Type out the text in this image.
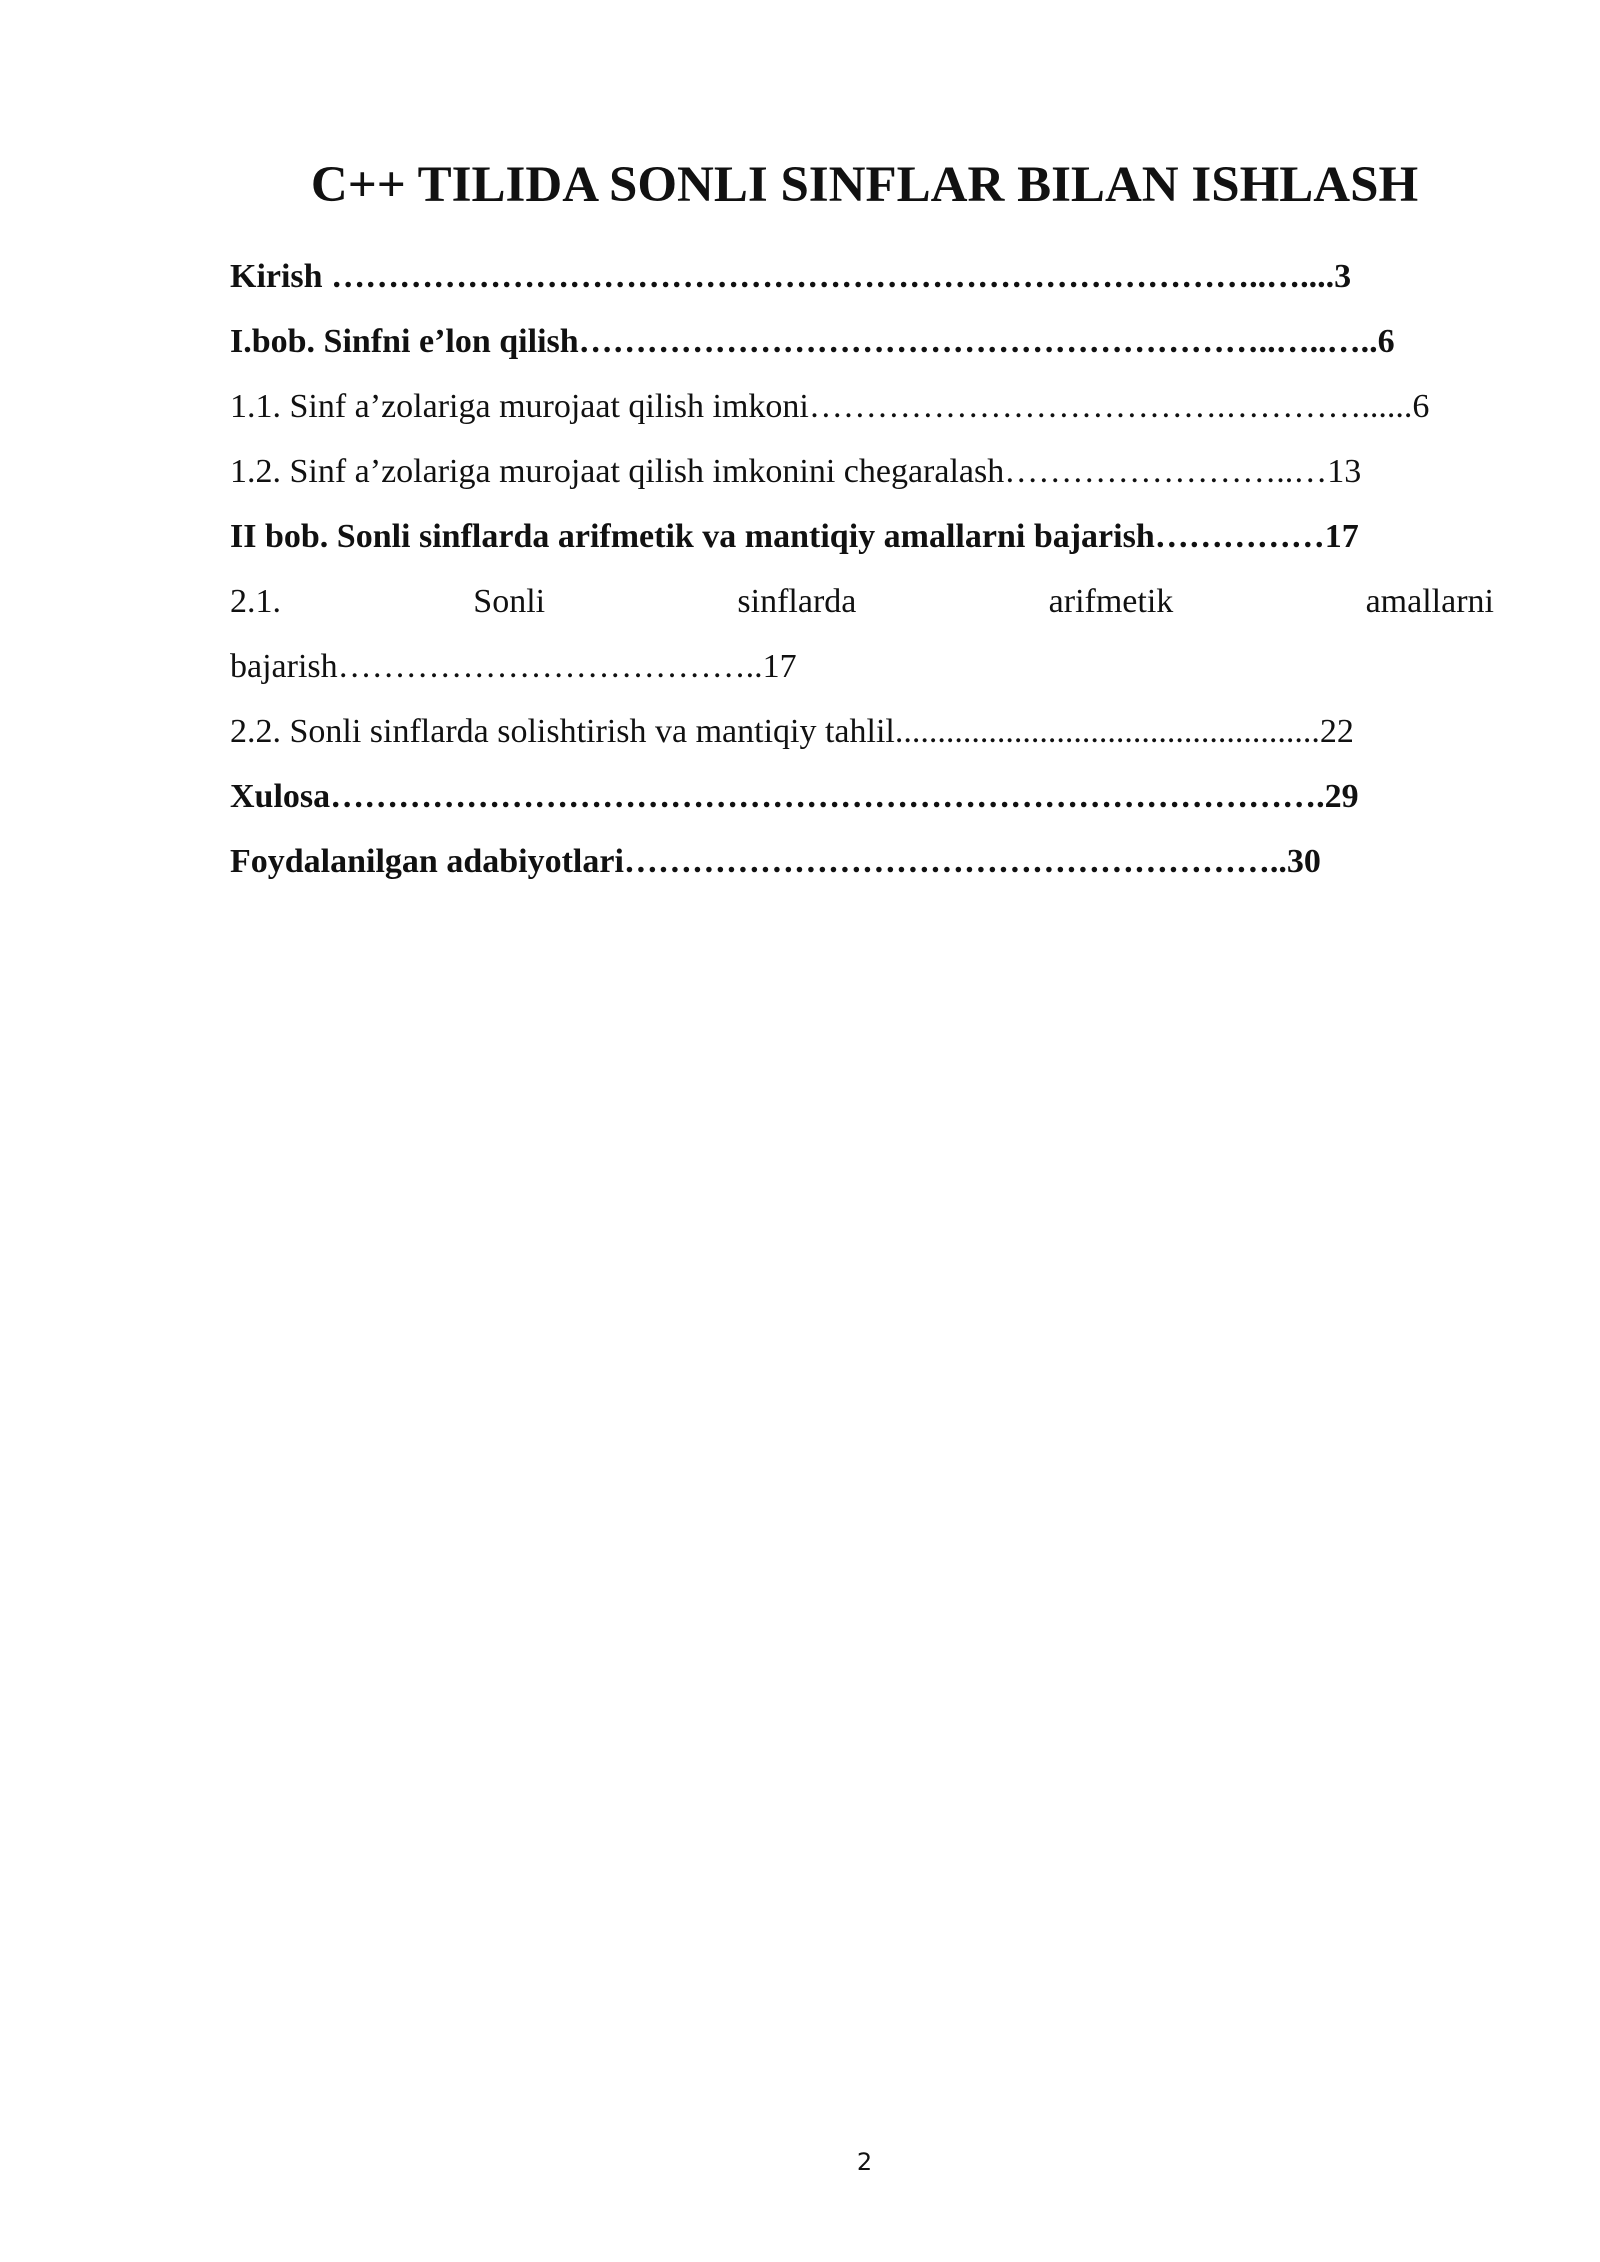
C++ TILIDA SONLI SINFLAR BILAN ISHLASH
Kirish ………………………………………………………………………..…....3
I.bob. Sinfni e’lon qilish……………………………………………………..…..…..6
1.1. Sinf a’zolariga murojaat qilish imkoni……………………………….…………......6
1.2. Sinf a’zolariga murojaat qilish imkonini chegaralash……………………..…13
II bob. Sonli sinflarda arifmetik va mantiqiy amallarni bajarish……………17
2.1.	Sonli	sinflarda	arifmetik	amallarni
bajarish………………………………..17
2.2. Sonli sinflarda solishtirish va mantiqiy tahlil..................................................22
Xulosa…………………………………………………………………………….29
Foydalanilgan adabiyotlari…………………………………………………..30
2
